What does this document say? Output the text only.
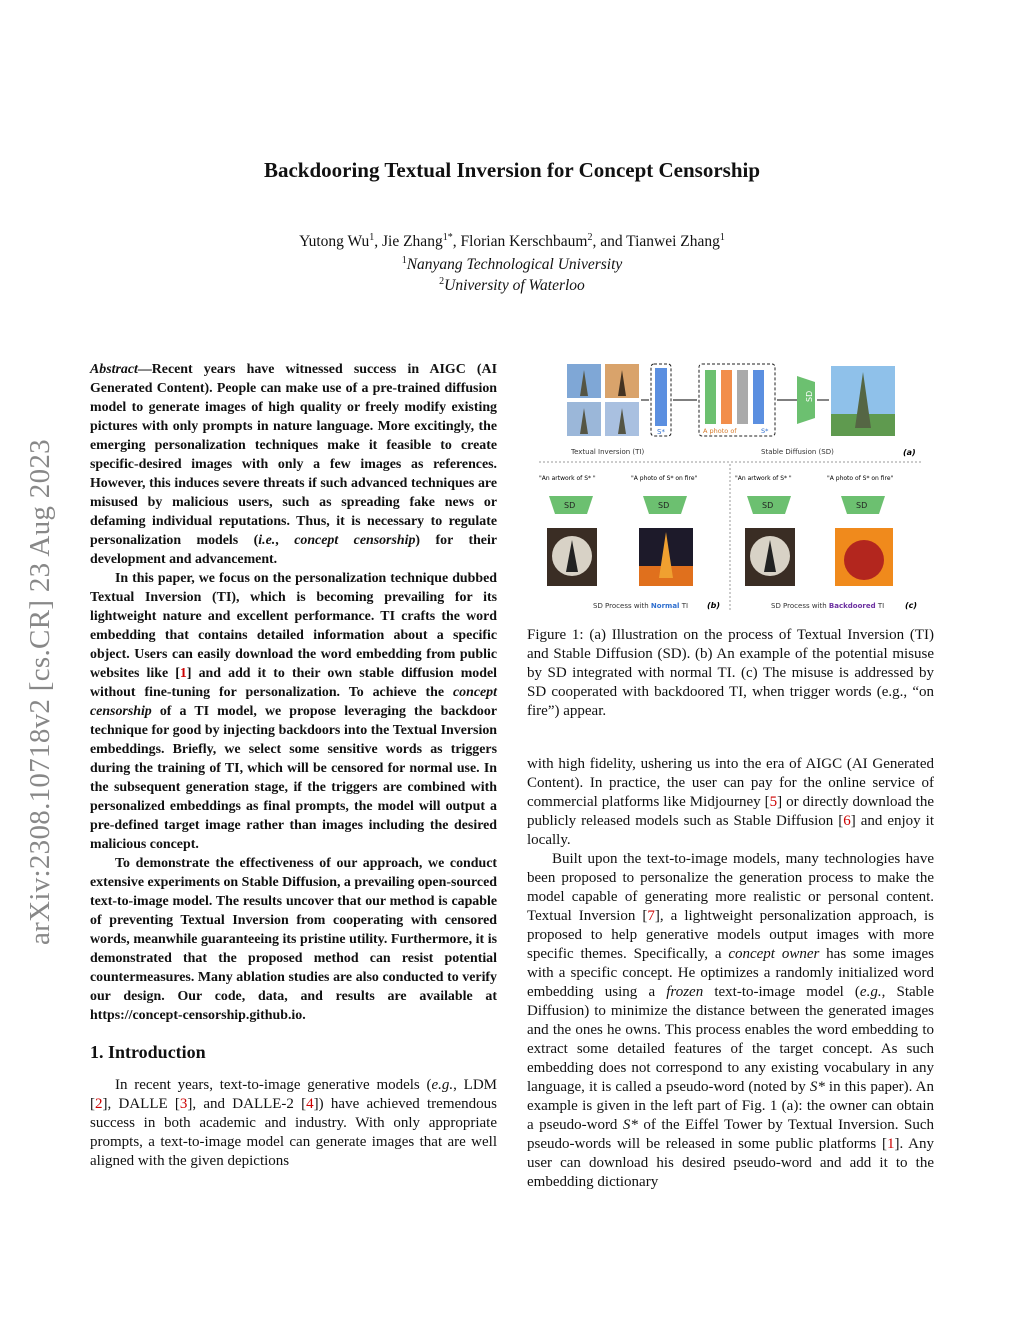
Backdooring Textual Inversion for Concept Censorship
Yutong Wu$^1$, Jie Zhang$^{1*}$, Florian Kerschbaum$^2$, and Tianwei Zhang$^1$
$^1$Nanyang Technological University
$^2$University of Waterloo
arXiv:2308.10718v2 [cs.CR] 23 Aug 2023

Abstract—Recent years have witnessed success in AIGC (AI Generated Content). People can make use of a pre-trained diffusion model to generate images of high quality or freely modify existing pictures with only prompts in nature language. More excitingly, the emerging personalization techniques make it feasible to create specific-desired images with only a few images as references. However, this induces severe threats if such advanced techniques are misused by malicious users, such as spreading fake news or defaming individual reputations. Thus, it is necessary to regulate personalization models (i.e., concept censorship) for their development and advancement.

In this paper, we focus on the personalization technique dubbed Textual Inversion (TI), which is becoming prevailing for its lightweight nature and excellent performance. TI crafts the word embedding that contains detailed information about a specific object. Users can easily download the word embedding from public websites like [1] and add it to their own stable diffusion model without fine-tuning for personalization. To achieve the concept censorship of a TI model, we propose leveraging the backdoor technique for good by injecting backdoors into the Textual Inversion embeddings. Briefly, we select some sensitive words as triggers during the training of TI, which will be censored for normal use. In the subsequent generation stage, if the triggers are combined with personalized embeddings as final prompts, the model will output a pre-defined target image rather than images including the desired malicious concept.

To demonstrate the effectiveness of our approach, we conduct extensive experiments on Stable Diffusion, a prevailing open-sourced text-to-image model. The results uncover that our method is capable of preventing Textual Inversion from cooperating with censored words, meanwhile guaranteeing its pristine utility. Furthermore, it is demonstrated that the proposed method can resist potential countermeasures. Many ablation studies are also conducted to verify our design. Our code, data, and results are available at https://concept-censorship.github.io.

1. Introduction

In recent years, text-to-image generative models (e.g., LDM [2], DALLE [3], and DALLE-2 [4]) have achieved tremendous success in both academic and industry. With only appropriate prompts, a text-to-image model can generate images that are well aligned with the given depictions

S*	A photo of	S*
SD
Textual Inversion (TI)	Stable Diffusion (SD)	(a)
"An artwork of S* "	"A photo of S* on fire"
SD	SD
SD Process with Normal TI (b)
"An artwork of S* "	"A photo of S* on fire"
SD	SD
SD Process with Backdoored TI	(c)
Figure 1: (a) Illustration on the process of Textual Inversion (TI) and Stable Diffusion (SD). (b) An example of the potential misuse by SD integrated with normal TI. (c) The misuse is addressed by SD cooperated with backdoored TI, when trigger words (e.g., “on fire”) appear.

with high fidelity, ushering us into the era of AIGC (AI Generated Content). In practice, the user can pay for the online service of commercial platforms like Midjourney [5] or directly download the publicly released models such as Stable Diffusion [6] and enjoy it locally.

Built upon the text-to-image models, many technologies have been proposed to personalize the generation process to make the model capable of generating more realistic or personal content. Textual Inversion [7], a lightweight personalization approach, is proposed to help generative models output images with more specific themes. Specifically, a concept owner has some images with a specific concept. He optimizes a randomly initialized word embedding using a frozen text-to-image model (e.g., Stable Diffusion) to minimize the distance between the generated images and the ones he owns. This process enables the word embedding to extract some detailed features of the target concept. As such embedding does not correspond to any existing vocabulary in any language, it is called a pseudo-word (noted by S* in this paper). An example is given in the left part of Fig. 1 (a): the owner can obtain a pseudo-word S* of the Eiffel Tower by Textual Inversion. Such pseudo-words will be released in some public platforms [1]. Any user can download his desired pseudo-word and add it to the embedding dictionary
